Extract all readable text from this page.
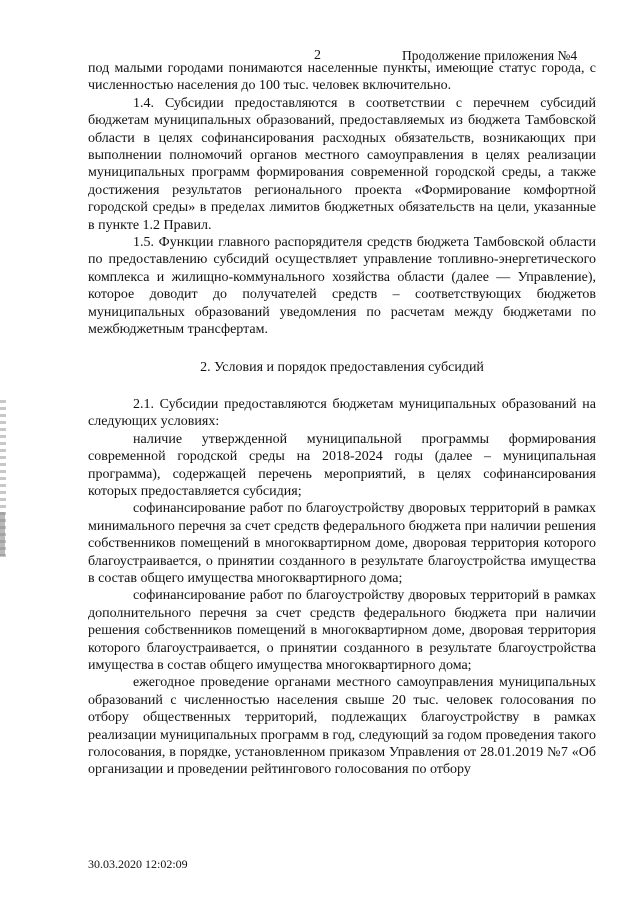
2	Продолжение приложения №4

под малыми городами понимаются населенные пункты, имеющие статус города, с численностью населения до 100 тыс. человек включительно.

1.4. Субсидии предоставляются в соответствии с перечнем субсидий бюджетам муниципальных образований, предоставляемых из бюджета Тамбовской области в целях софинансирования расходных обязательств, возникающих при выполнении полномочий органов местного самоуправления в целях реализации муниципальных программ формирования современной городской среды, а также достижения результатов регионального проекта «Формирование комфортной городской среды» в пределах лимитов бюджетных обязательств на цели, указанные в пункте 1.2 Правил.

1.5. Функции главного распорядителя средств бюджета Тамбовской области по предоставлению субсидий осуществляет управление топливно-энергетического комплекса и жилищно-коммунального хозяйства области (далее — Управление), которое доводит до получателей средств – соответствующих бюджетов муниципальных образований уведомления по расчетам между бюджетами по межбюджетным трансфертам.

2. Условия и порядок предоставления субсидий

2.1. Субсидии предоставляются бюджетам муниципальных образований на следующих условиях:

наличие утвержденной муниципальной программы формирования современной городской среды на 2018-2024 годы (далее – муниципальная программа), содержащей перечень мероприятий, в целях софинансирования которых предоставляется субсидия;

софинансирование работ по благоустройству дворовых территорий в рамках минимального перечня за счет средств федерального бюджета при наличии решения собственников помещений в многоквартирном доме, дворовая территория которого благоустраивается, о принятии созданного в результате благоустройства имущества в состав общего имущества многоквартирного дома;

софинансирование работ по благоустройству дворовых территорий в рамках дополнительного перечня за счет средств федерального бюджета при наличии решения собственников помещений в многоквартирном доме, дворовая территория которого благоустраивается, о принятии созданного в результате благоустройства имущества в состав общего имущества многоквартирного дома;

ежегодное проведение органами местного самоуправления муниципальных образований с численностью населения свыше 20 тыс. человек голосования по отбору общественных территорий, подлежащих благоустройству в рамках реализации муниципальных программ в год, следующий за годом проведения такого голосования, в порядке, установленном приказом Управления от 28.01.2019 №7 «Об организации и проведении рейтингового голосования по отбору

30.03.2020 12:02:09
